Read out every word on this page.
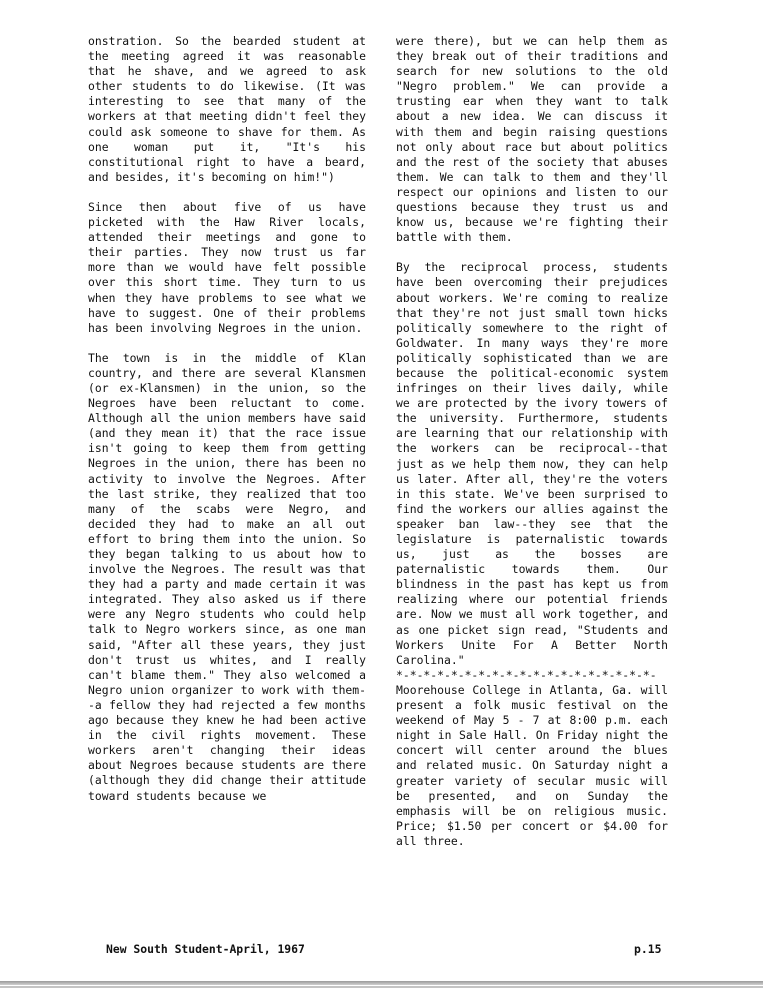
onstration. So the bearded student at the meeting agreed it was reasonable that he shave, and we agreed to ask other students to do likewise. (It was interesting to see that many of the workers at that meeting didn't feel they could ask someone to shave for them. As one woman put it, "It's his constitutional right to have a beard, and besides, it's becoming on him!")

Since then about five of us have picketed with the Haw River locals, attended their meetings and gone to their parties. They now trust us far more than we would have felt possible over this short time. They turn to us when they have problems to see what we have to suggest. One of their problems has been involving Negroes in the union.

The town is in the middle of Klan country, and there are several Klansmen (or ex-Klansmen) in the union, so the Negroes have been reluctant to come. Although all the union members have said (and they mean it) that the race issue isn't going to keep them from getting Negroes in the union, there has been no activity to involve the Negroes. After the last strike, they realized that too many of the scabs were Negro, and decided they had to make an all out effort to bring them into the union. So they began talking to us about how to involve the Negroes. The result was that they had a party and made certain it was integrated. They also asked us if there were any Negro students who could help talk to Negro workers since, as one man said, "After all these years, they just don't trust us whites, and I really can't blame them." They also welcomed a Negro union organizer to work with them--a fellow they had rejected a few months ago because they knew he had been active in the civil rights movement. These workers aren't changing their ideas about Negroes because students are there (although they did change their attitude toward students because we

were there), but we can help them as they break out of their traditions and search for new solutions to the old "Negro problem." We can provide a trusting ear when they want to talk about a new idea. We can discuss it with them and begin raising questions not only about race but about politics and the rest of the society that abuses them. We can talk to them and they'll respect our opinions and listen to our questions because they trust us and know us, because we're fighting their battle with them.

By the reciprocal process, students have been overcoming their prejudices about workers. We're coming to realize that they're not just small town hicks politically somewhere to the right of Goldwater. In many ways they're more politically sophisticated than we are because the political-economic system infringes on their lives daily, while we are protected by the ivory towers of the university. Furthermore, students are learning that our relationship with the workers can be reciprocal--that just as we help them now, they can help us later. After all, they're the voters in this state. We've been surprised to find the workers our allies against the speaker ban law--they see that the legislature is paternalistic towards us, just as the bosses are paternalistic towards them. Our blindness in the past has kept us from realizing where our potential friends are. Now we must all work together, and as one picket sign read, "Students and Workers Unite For A Better North Carolina."

*-*-*-*-*-*-*-*-*-*-*-*-*-*-*-*-*-*-*-

Moorehouse College in Atlanta, Ga. will present a folk music festival on the weekend of May 5 - 7 at 8:00 p.m. each night in Sale Hall. On Friday night the concert will center around the blues and related music. On Saturday night a greater variety of secular music will be presented, and on Sunday the emphasis will be on religious music. Price; $1.50 per concert or $4.00 for all three.

New South Student-April, 1967	p.15
